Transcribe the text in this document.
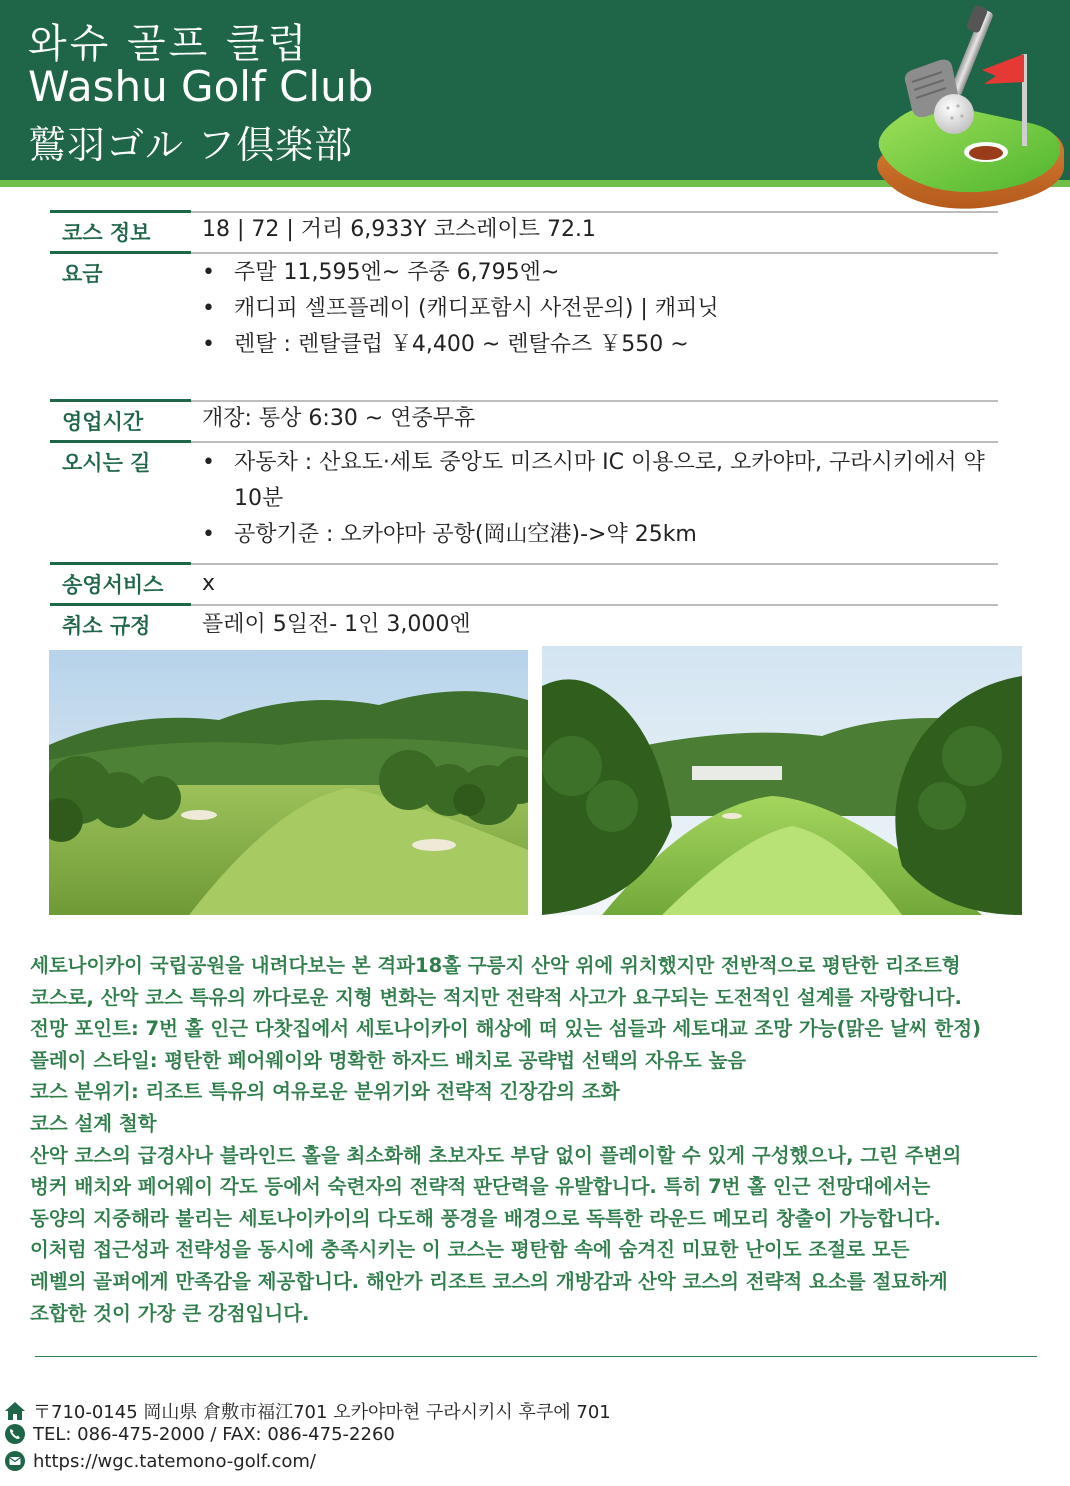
와슈 골프 클럽
Washu Golf Club
鷲羽ゴル フ倶楽部
코스 정보	18 | 72 | 거리 6,933Y 코스레이트 72.1
요금	• 주말 11,595엔~ 주중 6,795엔~
• 캐디피 셀프플레이 (캐디포함시 사전문의) | 캐피닛
• 렌탈 : 렌탈클럽 ￥4,400 ~ 렌탈슈즈 ￥550 ~
영업시간	개장: 통상 6:30 ~ 연중무휴
오시는 길	• 자동차 : 산요도·세토 중앙도 미즈시마 IC 이용으로, 오카야마, 구라시키에서 약10분
• 공항기준 : 오카야마 공항(岡山空港)->약 25km
송영서비스	x
취소 규정	플레이 5일전- 1인 3,000엔
세토나이카이 국립공원을 내려다보는 본 격파18홀 구릉지 산악 위에 위치했지만 전반적으로 평탄한 리조트형
코스로, 산악 코스 특유의 까다로운 지형 변화는 적지만 전략적 사고가 요구되는 도전적인 설계를 자랑합니다.
전망 포인트: 7번 홀 인근 다찻집에서 세토나이카이 해상에 떠 있는 섬들과 세토대교 조망 가능(맑은 날씨 한정)
플레이 스타일: 평탄한 페어웨이와 명확한 하자드 배치로 공략법 선택의 자유도 높음
코스 분위기: 리조트 특유의 여유로운 분위기와 전략적 긴장감의 조화
코스 설계 철학
산악 코스의 급경사나 블라인드 홀을 최소화해 초보자도 부담 없이 플레이할 수 있게 구성했으나, 그린 주변의
벙커 배치와 페어웨이 각도 등에서 숙련자의 전략적 판단력을 유발합니다. 특히 7번 홀 인근 전망대에서는
동양의 지중해라 불리는 세토나이카이의 다도해 풍경을 배경으로 독특한 라운드 메모리 창출이 가능합니다.
이처럼 접근성과 전략성을 동시에 충족시키는 이 코스는 평탄함 속에 숨겨진 미묘한 난이도 조절로 모든
레벨의 골퍼에게 만족감을 제공합니다. 해안가 리조트 코스의 개방감과 산악 코스의 전략적 요소를 절묘하게
조합한 것이 가장 큰 강점입니다.
〒710-0145 岡山県 倉敷市福江701 오카야마현 구라시키시 후쿠에 701
TEL: 086-475-2000 / FAX: 086-475-2260
https://wgc.tatemono-golf.com/
